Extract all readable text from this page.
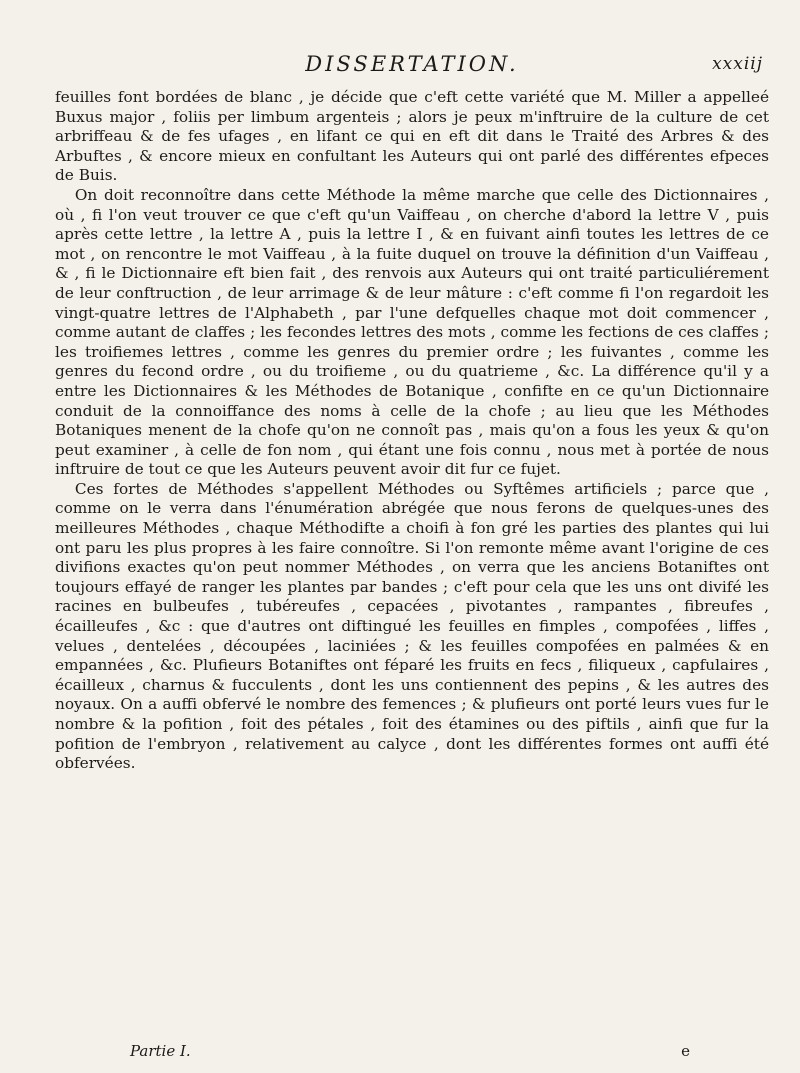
DISSERTATION.	xxxiij

feuilles font bordées de blanc , je décide que c'eft cette variété que M. Miller a appelleé Buxus major , foliis per limbum argenteis ; alors je peux m'inftruire de la culture de cet arbriffeau & de fes ufages , en lifant ce qui en eft dit dans le Traité des Arbres & des Arbuftes , & encore mieux en confultant les Auteurs qui ont parlé des différentes efpeces de Buis.

On doit reconnoître dans cette Méthode la même marche que celle des Dictionnaires , où , fi l'on veut trouver ce que c'eft qu'un Vaiffeau , on cherche d'abord la lettre V , puis après cette lettre , la lettre A , puis la lettre I , & en fuivant ainfi toutes les lettres de ce mot , on rencontre le mot Vaiffeau , à la fuite duquel on trouve la définition d'un Vaiffeau , & , fi le Dictionnaire eft bien fait , des renvois aux Auteurs qui ont traité particuliérement de leur conftruction , de leur arrimage & de leur mâture : c'eft comme fi l'on regardoit les vingt-quatre lettres de l'Alphabeth , par l'une defquelles chaque mot doit commencer , comme autant de claffes ; les fecondes lettres des mots , comme les fections de ces claffes ; les troifiemes lettres , comme les genres du premier ordre ; les fuivantes , comme les genres du fecond ordre , ou du troifieme , ou du quatrieme , &c. La différence qu'il y a entre les Dictionnaires & les Méthodes de Botanique , confifte en ce qu'un Dictionnaire conduit de la connoiffance des noms à celle de la chofe ; au lieu que les Méthodes Botaniques menent de la chofe qu'on ne connoît pas , mais qu'on a fous les yeux & qu'on peut examiner , à celle de fon nom , qui étant une fois connu , nous met à portée de nous inftruire de tout ce que les Auteurs peuvent avoir dit fur ce fujet.

Ces fortes de Méthodes s'appellent Méthodes ou Syftêmes artificiels ; parce que , comme on le verra dans l'énumération abrégée que nous ferons de quelques-unes des meilleures Méthodes , chaque Méthodifte a choifi à fon gré les parties des plantes qui lui ont paru les plus propres à les faire connoître. Si l'on remonte même avant l'origine de ces divifions exactes qu'on peut nommer Méthodes , on verra que les anciens Botaniftes ont toujours effayé de ranger les plantes par bandes ; c'eft pour cela que les uns ont divifé les racines en bulbeufes , tubéreufes , cepacées , pivotantes , rampantes , fibreufes , écailleufes , &c : que d'autres ont diftingué les feuilles en fimples , compofées , liffes , velues , dentelées , découpées , laciniées ; & les feuilles compofées en palmées & en empannées , &c. Plufieurs Botaniftes ont féparé les fruits en fecs , filiqueux , capfulaires , écailleux , charnus & fucculents , dont les uns contiennent des pepins , & les autres des noyaux. On a auffi obfervé le nombre des femences ; & plufieurs ont porté leurs vues fur le nombre & la pofition , foit des pétales , foit des étamines ou des piftils , ainfi que fur la pofition de l'embryon , relativement au calyce , dont les différentes formes ont auffi été obfervées.

Partie I.	e
